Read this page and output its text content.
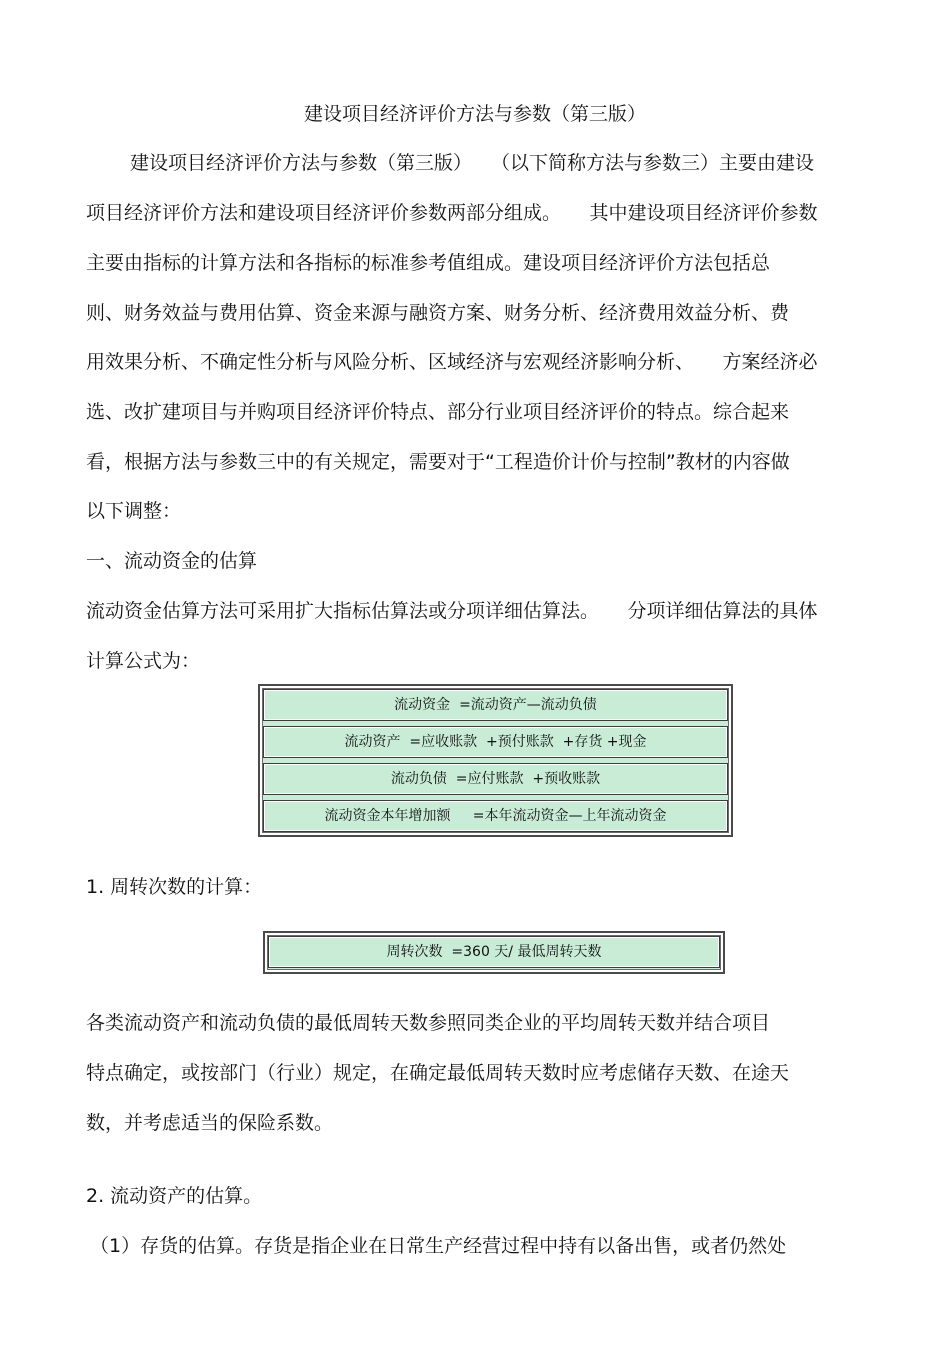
建设项目经济评价方法与参数（第三版）
建设项目经济评价方法与参数（第三版）　　（以下简称方法与参数三）主要由建设
项目经济评价方法和建设项目经济评价参数两部分组成。　　其中建设项目经济评价参数
主要由指标的计算方法和各指标的标准参考值组成。建设项目经济评价方法包括总
则、财务效益与费用估算、资金来源与融资方案、财务分析、经济费用效益分析、费
用效果分析、不确定性分析与风险分析、区域经济与宏观经济影响分析、　　方案经济必
选、改扩建项目与并购项目经济评价特点、部分行业项目经济评价的特点。综合起来
看，根据方法与参数三中的有关规定，需要对于“工程造价计价与控制”教材的内容做
以下调整：
一、流动资金的估算
流动资金估算方法可采用扩大指标估算法或分项详细估算法。　　分项详细估算法的具体
计算公式为：
流动资金  =流动资产—流动负债
流动资产  =应收账款  +预付账款  +存货 +现金
流动负债  =应付账款  +预收账款
流动资金本年增加额     =本年流动资金—上年流动资金
1. 周转次数的计算：
周转次数  =360 天/ 最低周转天数
各类流动资产和流动负债的最低周转天数参照同类企业的平均周转天数并结合项目
特点确定，或按部门（行业）规定，在确定最低周转天数时应考虑储存天数、在途天
数，并考虑适当的保险系数。
2. 流动资产的估算。
（1）存货的估算。存货是指企业在日常生产经营过程中持有以备出售，或者仍然处
